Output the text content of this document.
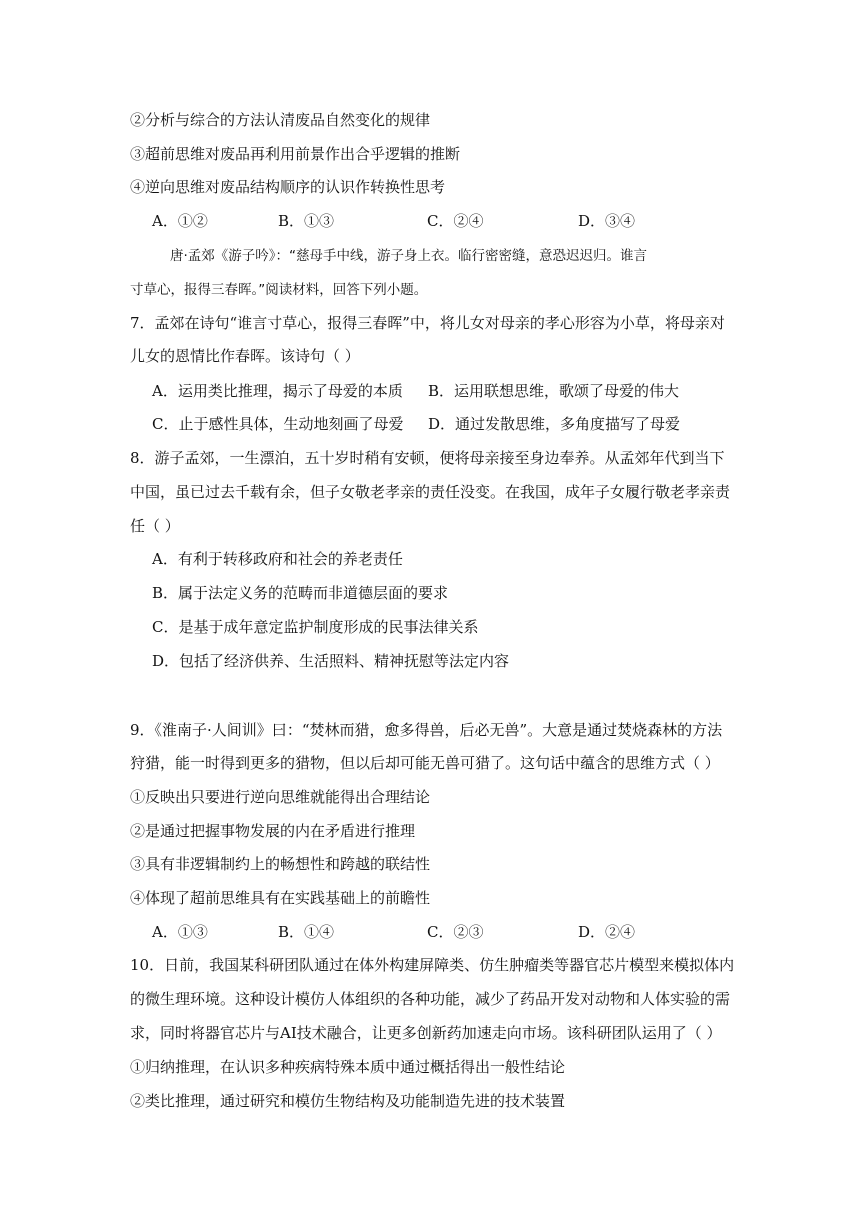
②分析与综合的方法认清废品自然变化的规律
③超前思维对废品再利用前景作出合乎逻辑的推断
④逆向思维对废品结构顺序的认识作转换性思考
A．①②	B．①③	C．②④	D．③④
唐·孟郊《游子吟》：“慈母手中线，游子身上衣。临行密密缝，意恐迟迟归。谁言
寸草心，报得三春晖。”阅读材料，回答下列小题。
7．孟郊在诗句“谁言寸草心，报得三春晖”中，将儿女对母亲的孝心形容为小草，将母亲对
儿女的恩情比作春晖。该诗句（ ）
A．运用类比推理，揭示了母爱的本质 B．运用联想思维，歌颂了母爱的伟大
C．止于感性具体，生动地刻画了母爱 D．通过发散思维，多角度描写了母爱
8．游子孟郊，一生漂泊，五十岁时稍有安顿，便将母亲接至身边奉养。从孟郊年代到当下
中国，虽已过去千载有余，但子女敬老孝亲的责任没变。在我国，成年子女履行敬老孝亲责
任（ ）
A．有利于转移政府和社会的养老责任
B．属于法定义务的范畴而非道德层面的要求
C．是基于成年意定监护制度形成的民事法律关系
D．包括了经济供养、生活照料、精神抚慰等法定内容
9．《淮南子·人间训》曰：“焚林而猎，愈多得兽，后必无兽”。大意是通过焚烧森林的方法
狩猎，能一时得到更多的猎物，但以后却可能无兽可猎了。这句话中蕴含的思维方式（ ）
①反映出只要进行逆向思维就能得出合理结论
②是通过把握事物发展的内在矛盾进行推理
③具有非逻辑制约上的畅想性和跨越的联结性
④体现了超前思维具有在实践基础上的前瞻性
A．①③	B．①④	C．②③	D．②④
10．日前，我国某科研团队通过在体外构建屏障类、仿生肿瘤类等器官芯片模型来模拟体内
的微生理环境。这种设计模仿人体组织的各种功能，减少了药品开发对动物和人体实验的需
求，同时将器官芯片与AI技术融合，让更多创新药加速走向市场。该科研团队运用了（ ）
①归纳推理，在认识多种疾病特殊本质中通过概括得出一般性结论
②类比推理，通过研究和模仿生物结构及功能制造先进的技术装置
